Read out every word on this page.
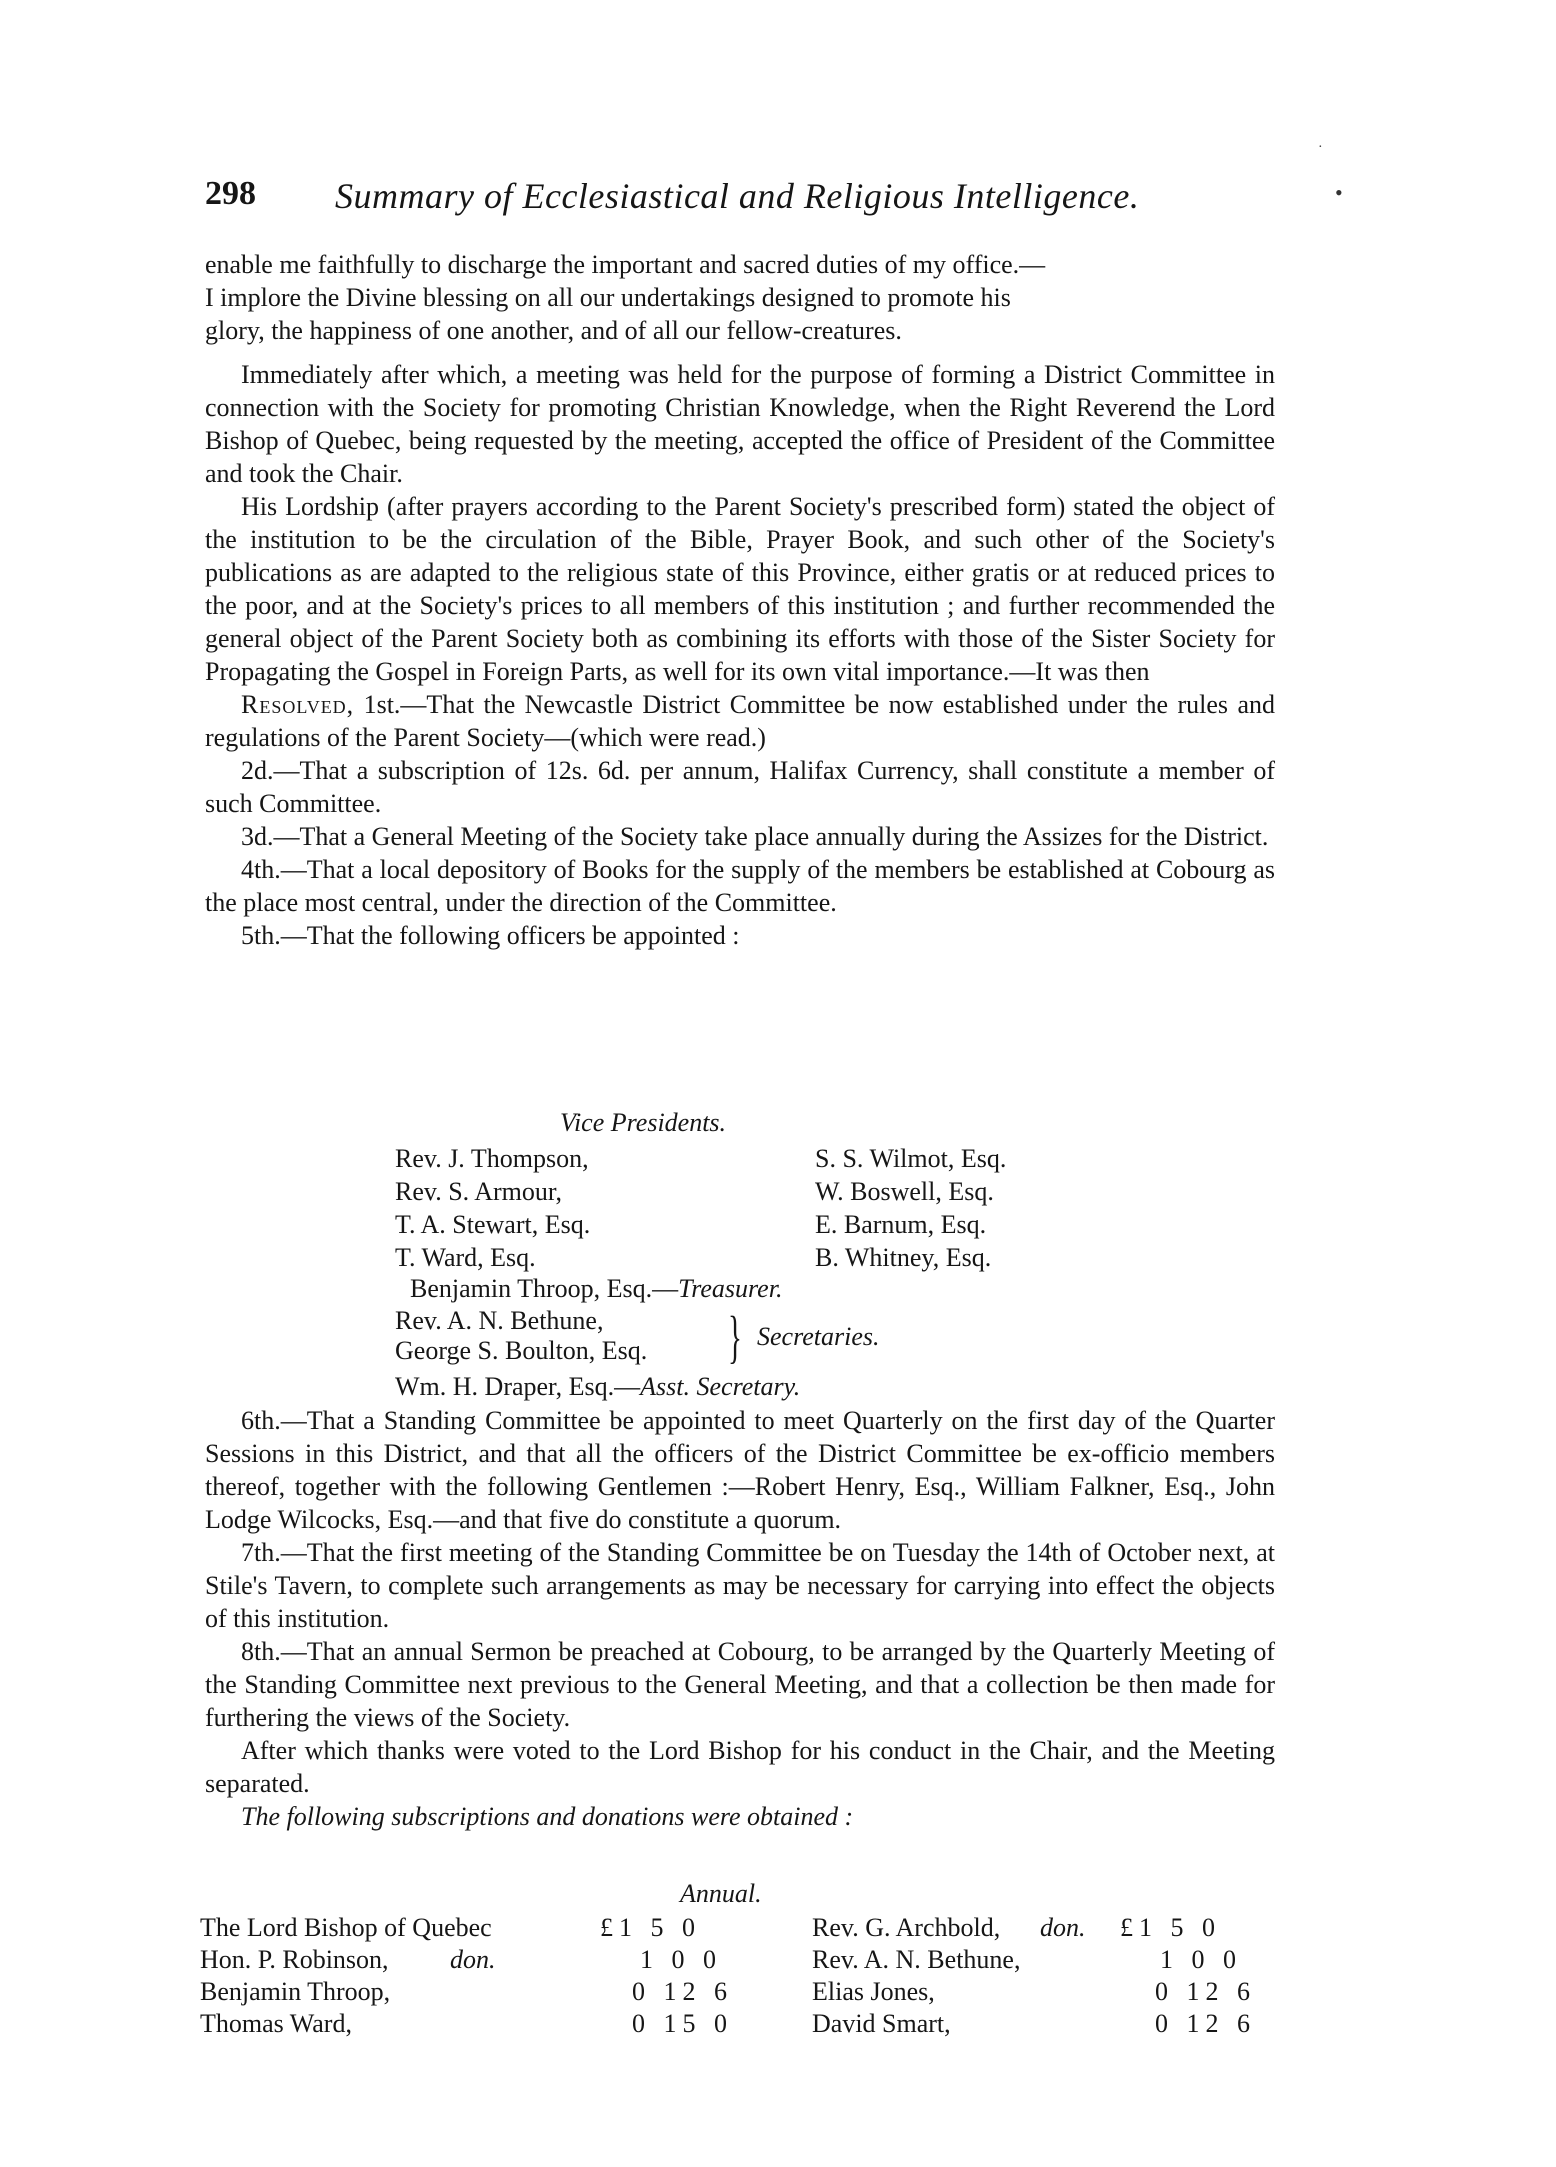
298 Summary of Ecclesiastical and Religious Intelligence.

enable me faithfully to discharge the important and sacred duties of my office.—

I implore the Divine blessing on all our undertakings designed to promote his

glory, the happiness of one another, and of all our fellow-creatures.

Immediately after which, a meeting was held for the purpose of forming a District Committee in connection with the Society for promoting Christian Knowledge, when the Right Reverend the Lord Bishop of Quebec, being requested by the meeting, accepted the office of President of the Committee and took the Chair.

His Lordship (after prayers according to the Parent Society's prescribed form) stated the object of the institution to be the circulation of the Bible, Prayer Book, and such other of the Society's publications as are adapted to the religious state of this Province, either gratis or at reduced prices to the poor, and at the Society's prices to all members of this institution ; and further recommended the general object of the Parent Society both as combining its efforts with those of the Sister Society for Propagating the Gospel in Foreign Parts, as well for its own vital importance.—It was then

Resolved, 1st.—That the Newcastle District Committee be now established under the rules and regulations of the Parent Society—(which were read.)

2d.—That a subscription of 12s. 6d. per annum, Halifax Currency, shall constitute a member of such Committee.

3d.—That a General Meeting of the Society take place annually during the Assizes for the District.

4th.—That a local depository of Books for the supply of the members be established at Cobourg as the place most central, under the direction of the Committee.

5th.—That the following officers be appointed :

Vice Presidents.
Rev. J. Thompson,	S. S. Wilmot, Esq.
Rev. S. Armour,	W. Boswell, Esq.
T. A. Stewart, Esq.	E. Barnum, Esq.
T. Ward, Esq.	B. Whitney, Esq.
Benjamin Throop, Esq.—Treasurer.
Rev. A. N. Bethune,
George S. Boulton, Esq. } Secretaries.
Wm. H. Draper, Esq.—Asst. Secretary.

6th.—That a Standing Committee be appointed to meet Quarterly on the first day of the Quarter Sessions in this District, and that all the officers of the District Committee be ex-officio members thereof, together with the following Gentlemen :—Robert Henry, Esq., William Falkner, Esq., John Lodge Wilcocks, Esq.—and that five do constitute a quorum.

7th.—That the first meeting of the Standing Committee be on Tuesday the 14th of October next, at Stile's Tavern, to complete such arrangements as may be necessary for carrying into effect the objects of this institution.

8th.—That an annual Sermon be preached at Cobourg, to be arranged by the Quarterly Meeting of the Standing Committee next previous to the General Meeting, and that a collection be then made for furthering the views of the Society.

After which thanks were voted to the Lord Bishop for his conduct in the Chair, and the Meeting separated.

The following subscriptions and donations were obtained :

Annual.
The Lord Bishop of Quebec	£1 5 0	Rev. G. Archbold, don. £1 5 0
Hon. P. Robinson, don.	1 0 0	Rev. A. N. Bethune,	1 0 0
Benjamin Throop,	0 12 6	Elias Jones,	0 12 6
Thomas Ward,	0 15 0	David Smart,	0 12 6
•
·
